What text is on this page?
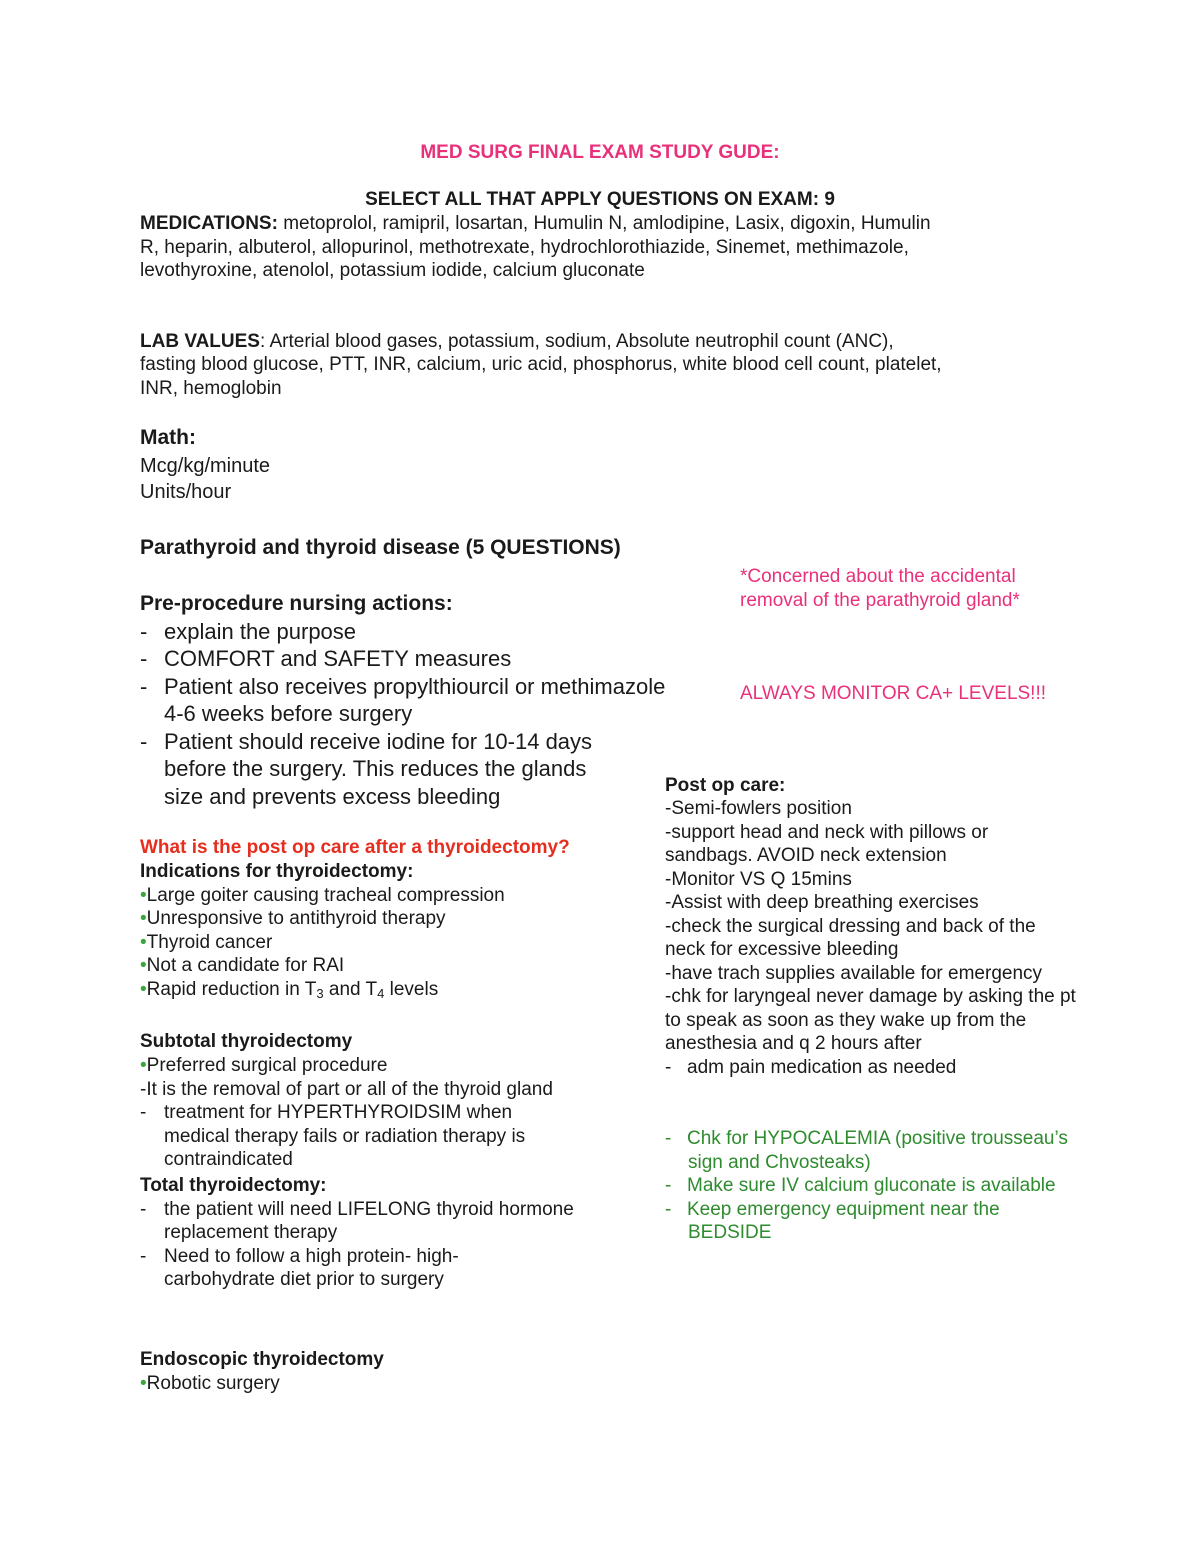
MED SURG FINAL EXAM STUDY GUDE:
SELECT ALL THAT APPLY QUESTIONS ON EXAM: 9
MEDICATIONS: metoprolol, ramipril, losartan, Humulin N, amlodipine, Lasix, digoxin, Humulin
R, heparin, albuterol, allopurinol, methotrexate, hydrochlorothiazide, Sinemet, methimazole,
levothyroxine, atenolol, potassium iodide, calcium gluconate
LAB VALUES: Arterial blood gases, potassium, sodium, Absolute neutrophil count (ANC),
fasting blood glucose, PTT, INR, calcium, uric acid, phosphorus, white blood cell count, platelet,
INR, hemoglobin
Math:
Mcg/kg/minute
Units/hour
Parathyroid and thyroid disease (5 QUESTIONS)
Pre-procedure nursing actions:
- explain the purpose
- COMFORT and SAFETY measures
- Patient also receives propylthiourcil or methimazole
4-6 weeks before surgery
- Patient should receive iodine for 10-14 days
before the surgery. This reduces the glands
size and prevents excess bleeding
*Concerned about the accidental
removal of the parathyroid gland*
ALWAYS MONITOR CA+ LEVELS!!!
What is the post op care after a thyroidectomy?
Indications for thyroidectomy:
•Large goiter causing tracheal compression
•Unresponsive to antithyroid therapy
•Thyroid cancer
•Not a candidate for RAI
•Rapid reduction in $T_3$ and $T_4$ levels
Subtotal thyroidectomy
•Preferred surgical procedure
-It is the removal of part or all of the thyroid gland
- treatment for HYPERTHYROIDSIM when
medical therapy fails or radiation therapy is
contraindicated
Total thyroidectomy:
- the patient will need LIFELONG thyroid hormone
replacement therapy
- Need to follow a high protein- high-
carbohydrate diet prior to surgery
Endoscopic thyroidectomy
•Robotic surgery
Post op care:
-Semi-fowlers position
-support head and neck with pillows or
sandbags. AVOID neck extension
-Monitor VS Q 15mins
-Assist with deep breathing exercises
-check the surgical dressing and back of the
neck for excessive bleeding
-have trach supplies available for emergency
-chk for laryngeal never damage by asking the pt
to speak as soon as they wake up from the
anesthesia and q 2 hours after
- adm pain medication as needed
- Chk for HYPOCALEMIA (positive trousseau’s
sign and Chvosteaks)
- Make sure IV calcium gluconate is available
- Keep emergency equipment near the
BEDSIDE
